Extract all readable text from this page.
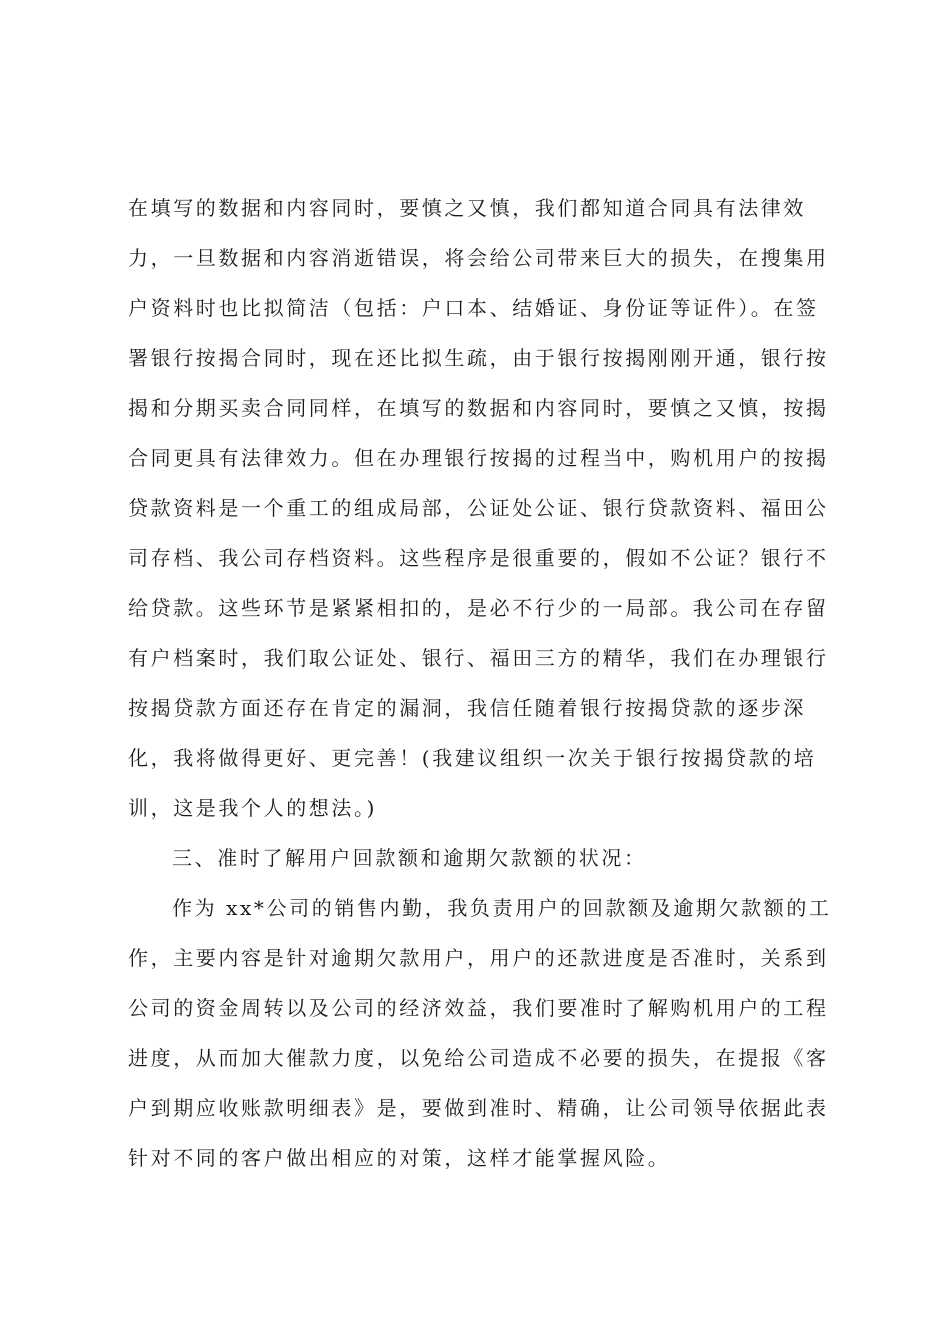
在填写的数据和内容同时，要慎之又慎，我们都知道合同具有法律效
力，一旦数据和内容消逝错误，将会给公司带来巨大的损失，在搜集用
户资料时也比拟简洁（包括：户口本、结婚证、身份证等证件）。在签
署银行按揭合同时，现在还比拟生疏，由于银行按揭刚刚开通，银行按
揭和分期买卖合同同样，在填写的数据和内容同时，要慎之又慎，按揭
合同更具有法律效力。但在办理银行按揭的过程当中，购机用户的按揭
贷款资料是一个重工的组成局部，公证处公证、银行贷款资料、福田公
司存档、我公司存档资料。这些程序是很重要的，假如不公证？银行不
给贷款。这些环节是紧紧相扣的，是必不行少的一局部。我公司在存留
有户档案时，我们取公证处、银行、福田三方的精华，我们在办理银行
按揭贷款方面还存在肯定的漏洞，我信任随着银行按揭贷款的逐步深
化，我将做得更好、更完善！(我建议组织一次关于银行按揭贷款的培
训，这是我个人的想法。)
三、准时了解用户回款额和逾期欠款额的状况：
作为 xx*公司的销售内勤，我负责用户的回款额及逾期欠款额的工
作，主要内容是针对逾期欠款用户，用户的还款进度是否准时，关系到
公司的资金周转以及公司的经济效益，我们要准时了解购机用户的工程
进度，从而加大催款力度，以免给公司造成不必要的损失，在提报《客
户到期应收账款明细表》是，要做到准时、精确，让公司领导依据此表
针对不同的客户做出相应的对策，这样才能掌握风险。
